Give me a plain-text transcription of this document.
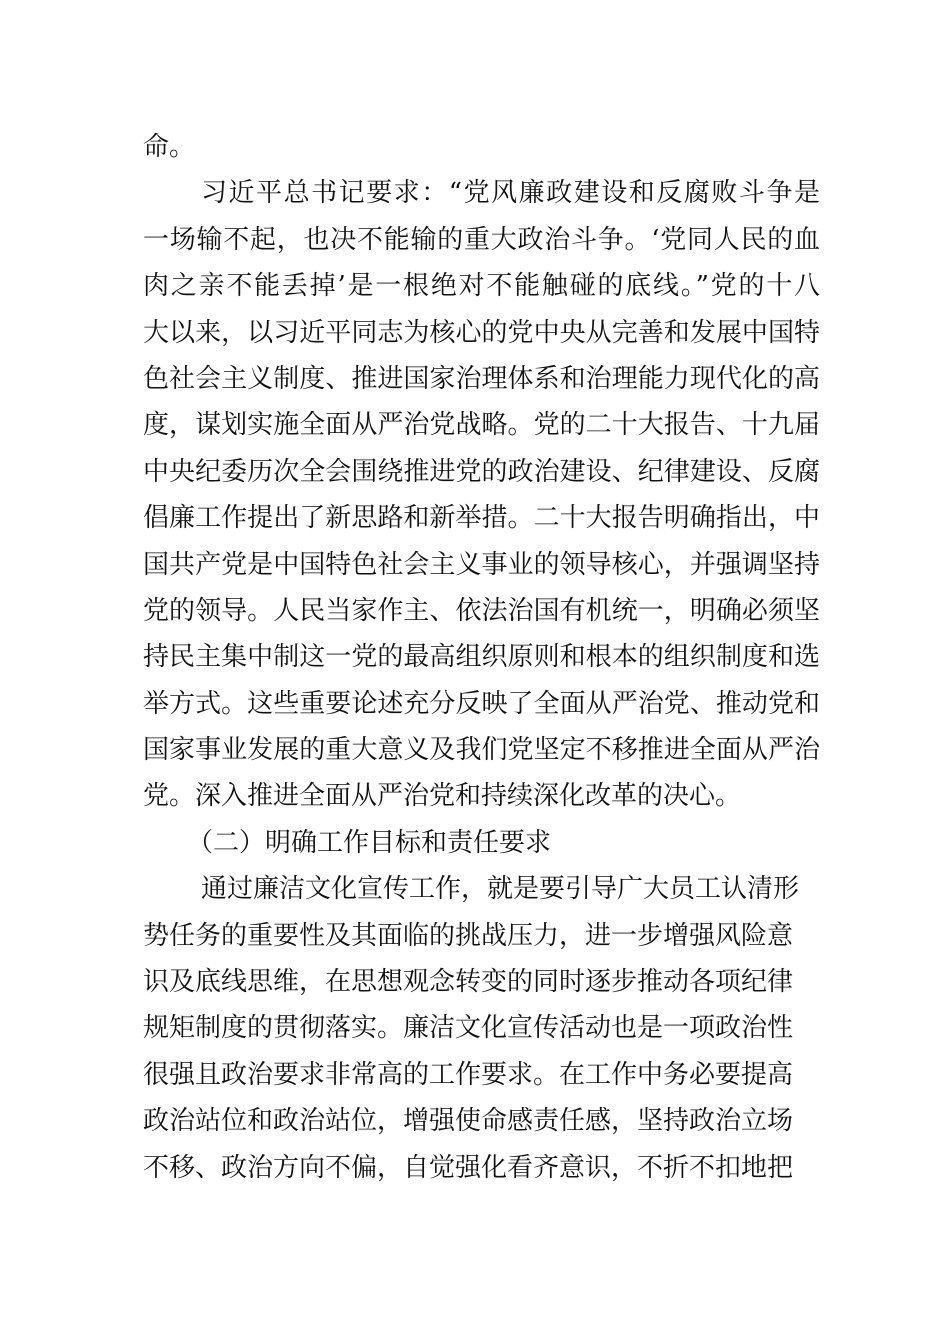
命。
习近平总书记要求：“党风廉政建设和反腐败斗争是
一场输不起，也决不能输的重大政治斗争。‘党同人民的血
肉之亲不能丢掉’是一根绝对不能触碰的底线。”党的十八
大以来，以习近平同志为核心的党中央从完善和发展中国特
色社会主义制度、推进国家治理体系和治理能力现代化的高
度，谋划实施全面从严治党战略。党的二十大报告、十九届
中央纪委历次全会围绕推进党的政治建设、纪律建设、反腐
倡廉工作提出了新思路和新举措。二十大报告明确指出，中
国共产党是中国特色社会主义事业的领导核心，并强调坚持
党的领导。人民当家作主、依法治国有机统一，明确必须坚
持民主集中制这一党的最高组织原则和根本的组织制度和选
举方式。这些重要论述充分反映了全面从严治党、推动党和
国家事业发展的重大意义及我们党坚定不移推进全面从严治
党。深入推进全面从严治党和持续深化改革的决心。
（二）明确工作目标和责任要求
通过廉洁文化宣传工作，就是要引导广大员工认清形
势任务的重要性及其面临的挑战压力，进一步增强风险意
识及底线思维，在思想观念转变的同时逐步推动各项纪律
规矩制度的贯彻落实。廉洁文化宣传活动也是一项政治性
很强且政治要求非常高的工作要求。在工作中务必要提高
政治站位和政治站位，增强使命感责任感，坚持政治立场
不移、政治方向不偏，自觉强化看齐意识，不折不扣地把
